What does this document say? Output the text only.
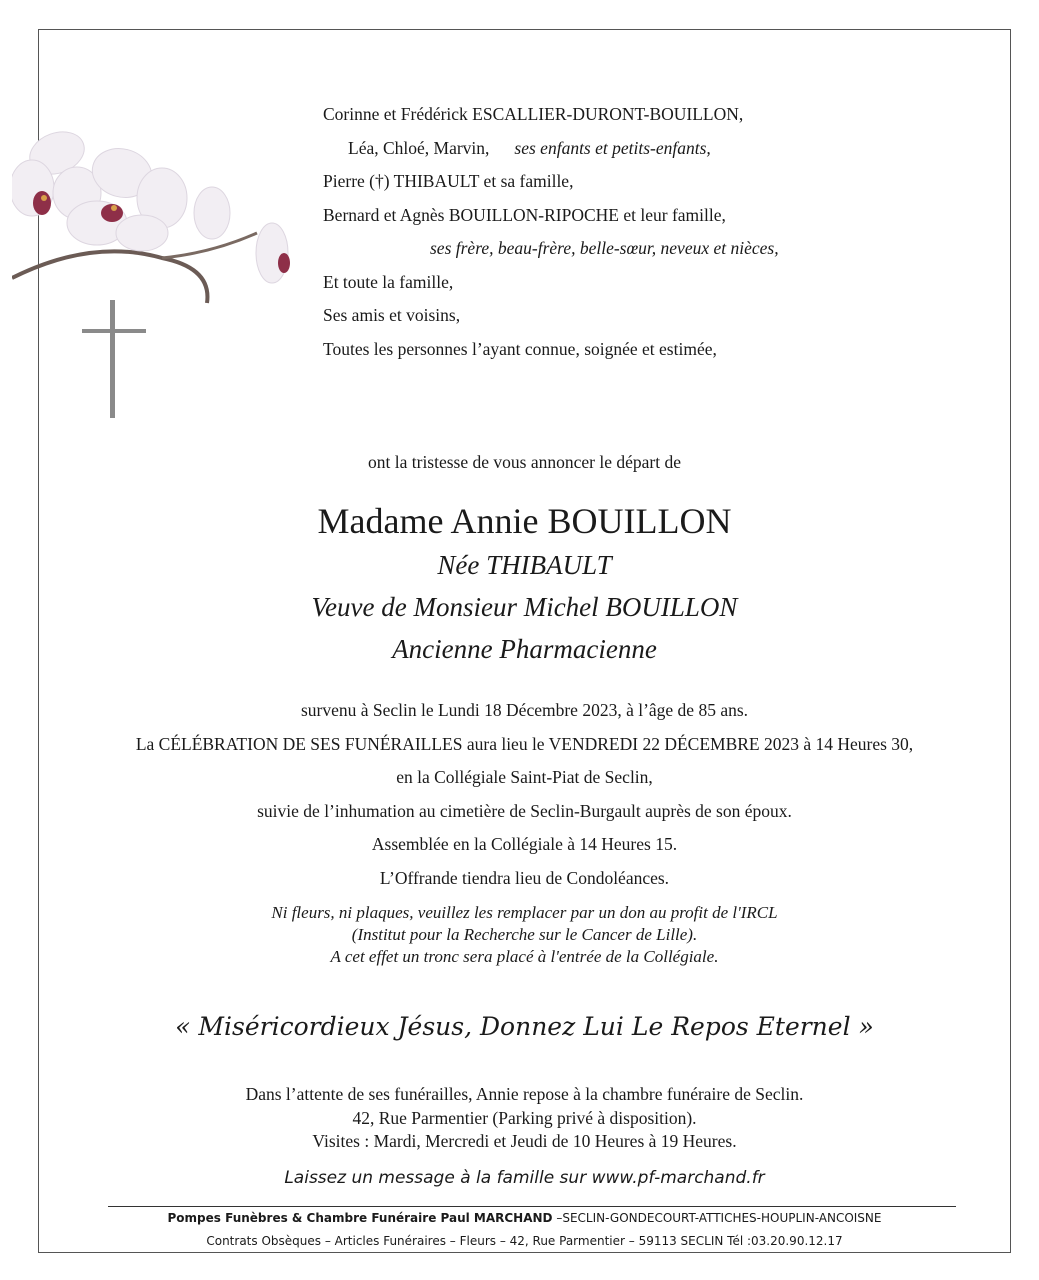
Corinne et Frédérick ESCALLIER-DURONT-BOUILLON,
Léa, Chloé, Marvin, ses enfants et petits-enfants,
Pierre (†) THIBAULT et sa famille,
Bernard et Agnès BOUILLON-RIPOCHE et leur famille,
ses frère, beau-frère, belle-sœur, neveux et nièces,
Et toute la famille,
Ses amis et voisins,
Toutes les personnes l’ayant connue, soignée et estimée,
ont la tristesse de vous annoncer le départ de
Madame Annie BOUILLON
Née THIBAULT
Veuve de Monsieur Michel BOUILLON
Ancienne Pharmacienne
survenu à Seclin le Lundi 18 Décembre 2023, à l’âge de 85 ans.
La CÉLÉBRATION DE SES FUNÉRAILLES aura lieu le VENDREDI 22 DÉCEMBRE 2023 à 14 Heures 30,
en la Collégiale Saint-Piat de Seclin,
suivie de l’inhumation au cimetière de Seclin-Burgault auprès de son époux.
Assemblée en la Collégiale à 14 Heures 15.
L’Offrande tiendra lieu de Condoléances.
Ni fleurs, ni plaques, veuillez les remplacer par un don au profit de l'IRCL
(Institut pour la Recherche sur le Cancer de Lille).
A cet effet un tronc sera placé à l'entrée de la Collégiale.
« Miséricordieux Jésus, Donnez Lui Le Repos Eternel »
Dans l’attente de ses funérailles, Annie repose à la chambre funéraire de Seclin.
42, Rue Parmentier (Parking privé à disposition).
Visites : Mardi, Mercredi et Jeudi de 10 Heures à 19 Heures.
Laissez un message à la famille sur www.pf-marchand.fr
Pompes Funèbres & Chambre Funéraire Paul MARCHAND –SECLIN-GONDECOURT-ATTICHES-HOUPLIN-ANCOISNE
Contrats Obsèques – Articles Funéraires – Fleurs – 42, Rue Parmentier – 59113 SECLIN Tél :03.20.90.12.17
